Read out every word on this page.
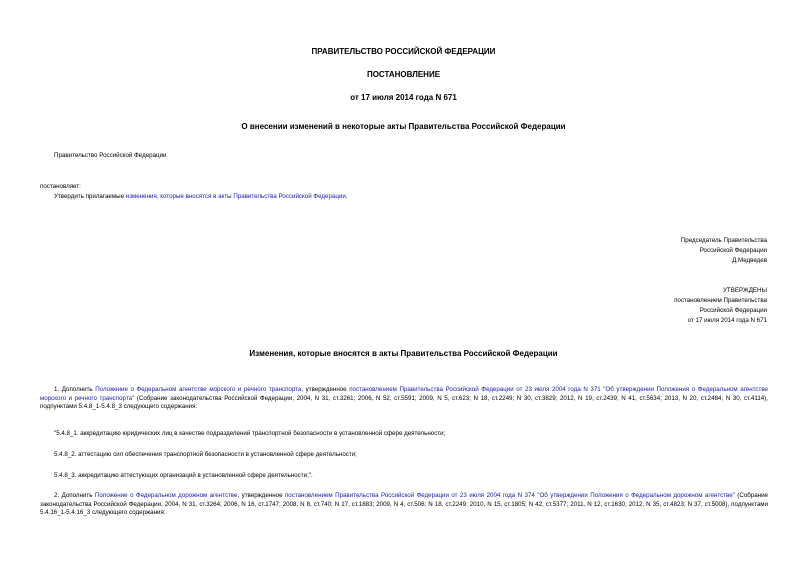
ПРАВИТЕЛЬСТВО РОССИЙСКОЙ ФЕДЕРАЦИИ
ПОСТАНОВЛЕНИЕ
от 17 июля 2014 года N 671
О внесении изменений в некоторые акты Правительства Российской Федерации
Правительство Российской Федерации
постановляет:
Утвердить прилагаемые изменения, которые вносятся в акты Правительства Российской Федерации.
Председатель Правительства
Российской Федерации
Д.Медведев
УТВЕРЖДЕНЫ
постановлением Правительства
Российской Федерации
от 17 июля 2014 года N 671
Изменения, которые вносятся в акты Правительства Российской Федерации
1. Дополнить Положение о Федеральном агентстве морского и речного транспорта, утвержденное постановлением Правительства Российской Федерации от 23 июля 2004 года N 371 "Об утверждении Положения о Федеральном агентстве морского и речного транспорта" (Собрание законодательства Российской Федерации, 2004, N 31, ст.3261; 2006, N 52, ст.5591; 2009, N 5, ст.623; N 18, ст.2249; N 30, ст.3829; 2012, N 19, ст.2439; N 41, ст.5634; 2013, N 20, ст.2484; N 30, ст.4114), подпунктами 5.4.8_1-5.4.8_3 следующего содержания:
"5.4.8_1. аккредитацию юридических лиц в качестве подразделений транспортной безопасности в установленной сфере деятельности;
5.4.8_2. аттестацию сил обеспечения транспортной безопасности в установленной сфере деятельности;
5.4.8_3. аккредитацию аттестующих организаций в установленной сфере деятельности;".
2. Дополнить Положение о Федеральном дорожном агентстве, утвержденное постановлением Правительства Российской Федерации от 23 июля 2004 года N 374 "Об утверждении Положения о Федеральном дорожном агентстве" (Собрание законодательства Российской Федерации, 2004, N 31, ст.3264; 2006, N 16, ст.1747; 2008, N 8, ст.740; N 17, ст.1883; 2009, N 4, ст.506; N 18, ст.2249; 2010, N 15, ст.1805; N 42, ст.5377; 2011, N 12, ст.1630; 2012, N 35, ст.4823; N 37, ст.5008), подпунктами 5.4.16_1-5.4.16_3 следующего содержания:
